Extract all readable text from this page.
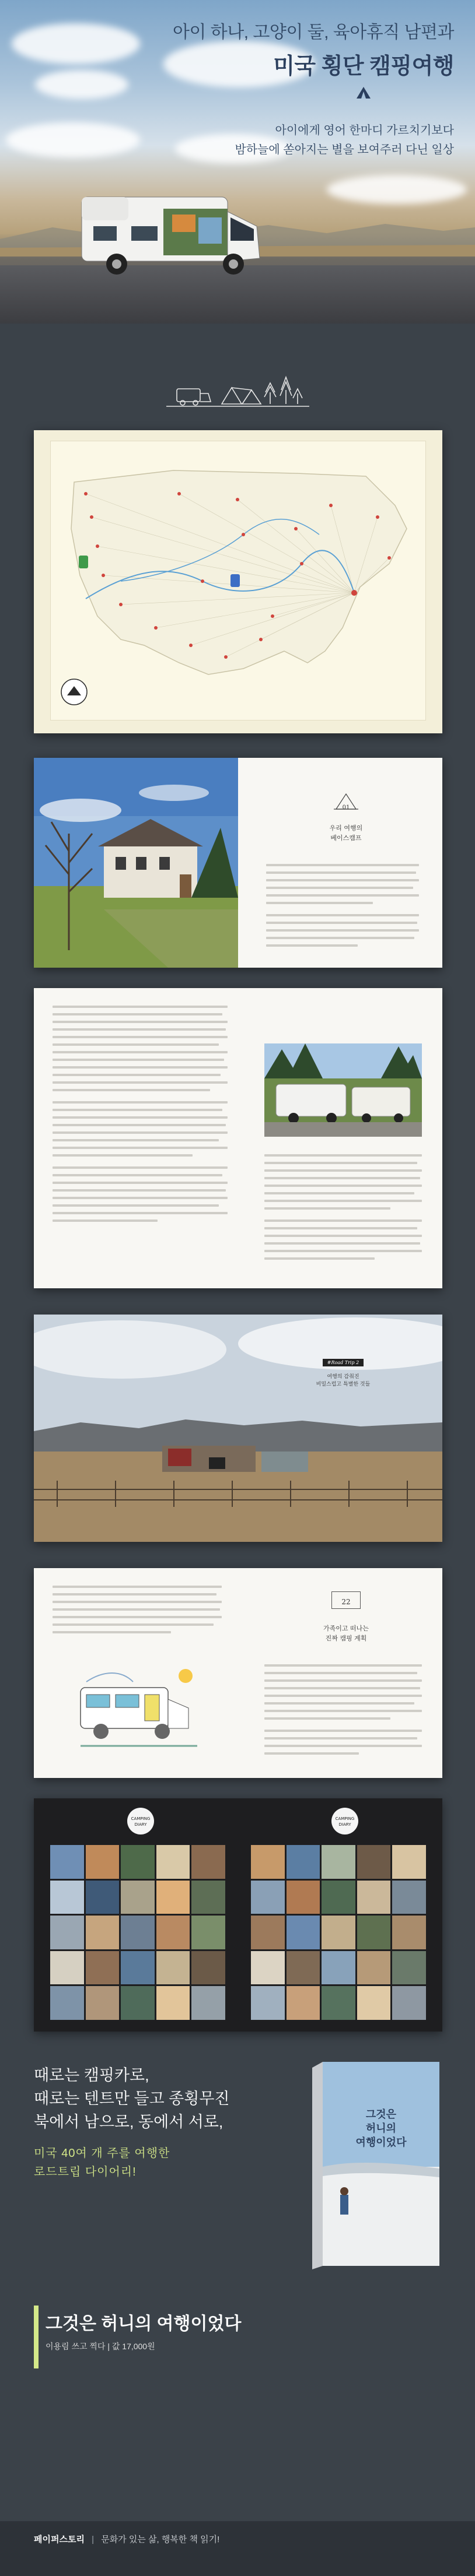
아이 하나, 고양이 둘, 육아휴직 남편과
미국 횡단 캠핑여행
아이에게 영어 한마디 가르치기보다
밤하늘에 쏟아지는 별을 보여주러 다닌 일상
01
우리 여행의
베이스캠프
#Road Trip 2
여행의 감춰진
비밀스럽고 특별한 것들
22
가족이고 떠나는
진짜 캠핑 계획
CAMPING DIARY
CAMPING DIARY
때로는 캠핑카로,
때로는 텐트만 들고 종횡무진
북에서 남으로, 동에서 서로,
미국 40여 개 주를 여행한
로드트립 다이어리!
그것은
허니의
여행이었다
그것은 허니의 여행이었다
이용림 쓰고 찍다 | 값 17,000원
페이퍼스토리 | 문화가 있는 삶, 행복한 책 읽기!
